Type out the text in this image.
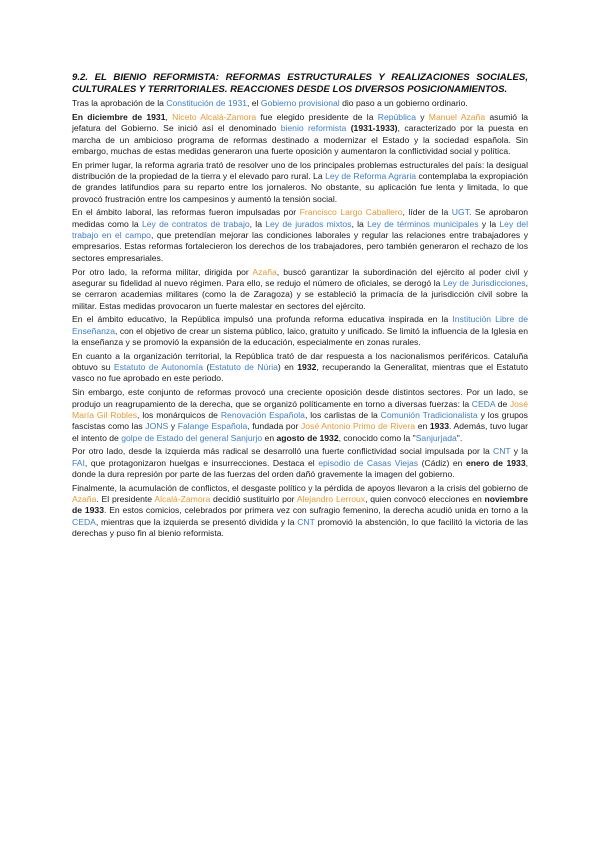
9.2. EL BIENIO REFORMISTA: REFORMAS ESTRUCTURALES Y REALIZACIONES SOCIALES, CULTURALES Y TERRITORIALES. REACCIONES DESDE LOS DIVERSOS POSICIONAMIENTOS.

Tras la aprobación de la Constitución de 1931, el Gobierno provisional dio paso a un gobierno ordinario.

En diciembre de 1931, Niceto Alcalá-Zamora fue elegido presidente de la República y Manuel Azaña asumió la jefatura del Gobierno. Se inició así el denominado bienio reformista (1931-1933), caracterizado por la puesta en marcha de un ambicioso programa de reformas destinado a modernizar el Estado y la sociedad española. Sin embargo, muchas de estas medidas generaron una fuerte oposición y aumentaron la conflictividad social y política.

En primer lugar, la reforma agraria trató de resolver uno de los principales problemas estructurales del país: la desigual distribución de la propiedad de la tierra y el elevado paro rural. La Ley de Reforma Agraria contemplaba la expropiación de grandes latifundios para su reparto entre los jornaleros. No obstante, su aplicación fue lenta y limitada, lo que provocó frustración entre los campesinos y aumentó la tensión social.

En el ámbito laboral, las reformas fueron impulsadas por Francisco Largo Caballero, líder de la UGT. Se aprobaron medidas como la Ley de contratos de trabajo, la Ley de jurados mixtos, la Ley de términos municipales y la Ley del trabajo en el campo, que pretendían mejorar las condiciones laborales y regular las relaciones entre trabajadores y empresarios. Estas reformas fortalecieron los derechos de los trabajadores, pero también generaron el rechazo de los sectores empresariales.

Por otro lado, la reforma militar, dirigida por Azaña, buscó garantizar la subordinación del ejército al poder civil y asegurar su fidelidad al nuevo régimen. Para ello, se redujo el número de oficiales, se derogó la Ley de Jurisdicciones, se cerraron academias militares (como la de Zaragoza) y se estableció la primacía de la jurisdicción civil sobre la militar. Estas medidas provocaron un fuerte malestar en sectores del ejército.

En el ámbito educativo, la República impulsó una profunda reforma educativa inspirada en la Institución Libre de Enseñanza, con el objetivo de crear un sistema público, laico, gratuito y unificado. Se limitó la influencia de la Iglesia en la enseñanza y se promovió la expansión de la educación, especialmente en zonas rurales.

En cuanto a la organización territorial, la República trató de dar respuesta a los nacionalismos periféricos. Cataluña obtuvo su Estatuto de Autonomía (Estatuto de Núria) en 1932, recuperando la Generalitat, mientras que el Estatuto vasco no fue aprobado en este periodo.

Sin embargo, este conjunto de reformas provocó una creciente oposición desde distintos sectores. Por un lado, se produjo un reagrupamiento de la derecha, que se organizó políticamente en torno a diversas fuerzas: la CEDA de José María Gil Robles, los monárquicos de Renovación Española, los carlistas de la Comunión Tradicionalista y los grupos fascistas como las JONS y Falange Española, fundada por José Antonio Primo de Rivera en 1933. Además, tuvo lugar el intento de golpe de Estado del general Sanjurjo en agosto de 1932, conocido como la "Sanjurjada".

Por otro lado, desde la izquierda más radical se desarrolló una fuerte conflictividad social impulsada por la CNT y la FAI, que protagonizaron huelgas e insurrecciones. Destaca el episodio de Casas Viejas (Cádiz) en enero de 1933, donde la dura represión por parte de las fuerzas del orden dañó gravemente la imagen del gobierno.

Finalmente, la acumulación de conflictos, el desgaste político y la pérdida de apoyos llevaron a la crisis del gobierno de Azaña. El presidente Alcalá-Zamora decidió sustituirlo por Alejandro Lerroux, quien convocó elecciones en noviembre de 1933. En estos comicios, celebrados por primera vez con sufragio femenino, la derecha acudió unida en torno a la CEDA, mientras que la izquierda se presentó dividida y la CNT promovió la abstención, lo que facilitó la victoria de las derechas y puso fin al bienio reformista.
